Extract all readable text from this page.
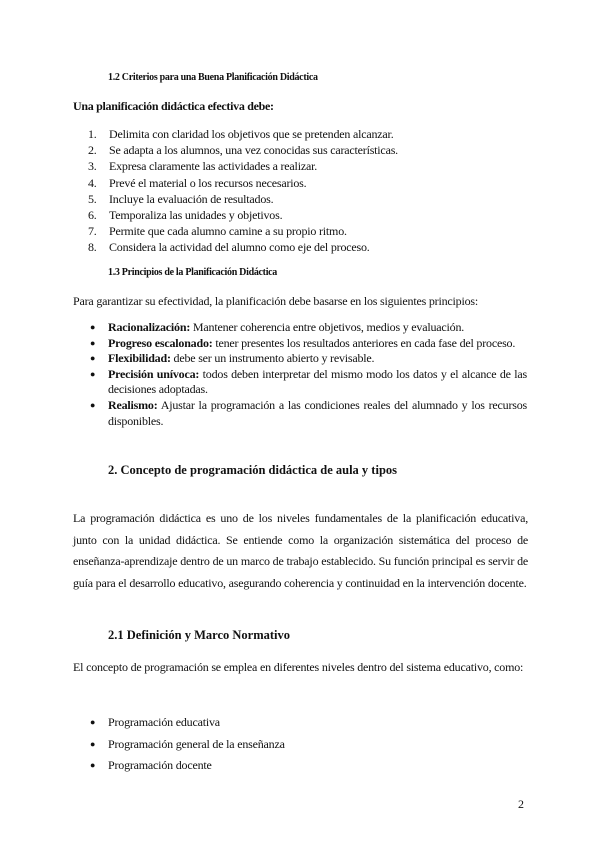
1.2 Criterios para una Buena Planificación Didáctica
Una planificación didáctica efectiva debe:
1. Delimita con claridad los objetivos que se pretenden alcanzar.
2. Se adapta a los alumnos, una vez conocidas sus características.
3. Expresa claramente las actividades a realizar.
4. Prevé el material o los recursos necesarios.
5. Incluye la evaluación de resultados.
6. Temporaliza las unidades y objetivos.
7. Permite que cada alumno camine a su propio ritmo.
8. Considera la actividad del alumno como eje del proceso.
1.3 Principios de la Planificación Didáctica
Para garantizar su efectividad, la planificación debe basarse en los siguientes principios:
● Racionalización: Mantener coherencia entre objetivos, medios y evaluación.
● Progreso escalonado: tener presentes los resultados anteriores en cada fase del proceso.
● Flexibilidad: debe ser un instrumento abierto y revisable.
● Precisión unívoca: todos deben interpretar del mismo modo los datos y el alcance de las decisiones adoptadas.
● Realismo: Ajustar la programación a las condiciones reales del alumnado y los recursos disponibles.
2. Concepto de programación didáctica de aula y tipos
La programación didáctica es uno de los niveles fundamentales de la planificación educativa, junto con la unidad didáctica. Se entiende como la organización sistemática del proceso de enseñanza-aprendizaje dentro de un marco de trabajo establecido. Su función principal es servir de guía para el desarrollo educativo, asegurando coherencia y continuidad en la intervención docente.
2.1 Definición y Marco Normativo
El concepto de programación se emplea en diferentes niveles dentro del sistema educativo, como:
● Programación educativa
● Programación general de la enseñanza
● Programación docente
2
